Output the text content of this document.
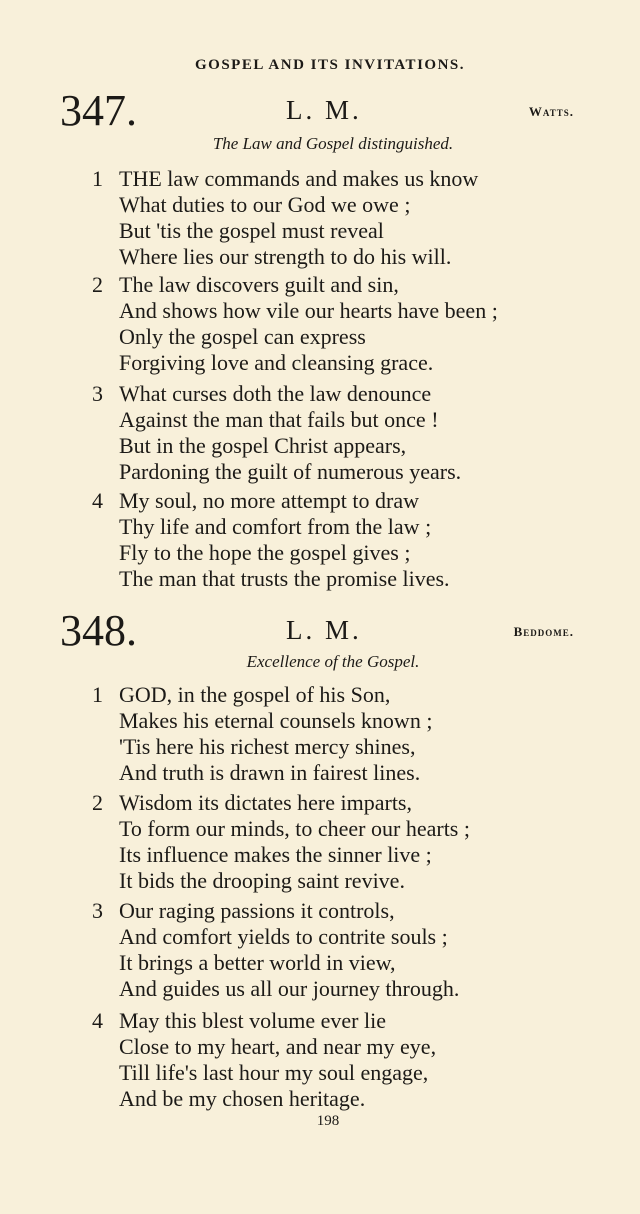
GOSPEL AND ITS INVITATIONS.
347.	L. M.	Watts.
The Law and Gospel distinguished.
1 THE law commands and makes us know
What duties to our God we owe ;
But 'tis the gospel must reveal
Where lies our strength to do his will.
2 The law discovers guilt and sin,
And shows how vile our hearts have been ;
Only the gospel can express
Forgiving love and cleansing grace.
3 What curses doth the law denounce
Against the man that fails but once !
But in the gospel Christ appears,
Pardoning the guilt of numerous years.
4 My soul, no more attempt to draw
Thy life and comfort from the law ;
Fly to the hope the gospel gives ;
The man that trusts the promise lives.
348.	L. M.	Beddome.
Excellence of the Gospel.
1 GOD, in the gospel of his Son,
Makes his eternal counsels known ;
'Tis here his richest mercy shines,
And truth is drawn in fairest lines.
2 Wisdom its dictates here imparts,
To form our minds, to cheer our hearts ;
Its influence makes the sinner live ;
It bids the drooping saint revive.
3 Our raging passions it controls,
And comfort yields to contrite souls ;
It brings a better world in view,
And guides us all our journey through.
4 May this blest volume ever lie
Close to my heart, and near my eye,
Till life's last hour my soul engage,
And be my chosen heritage.
198
